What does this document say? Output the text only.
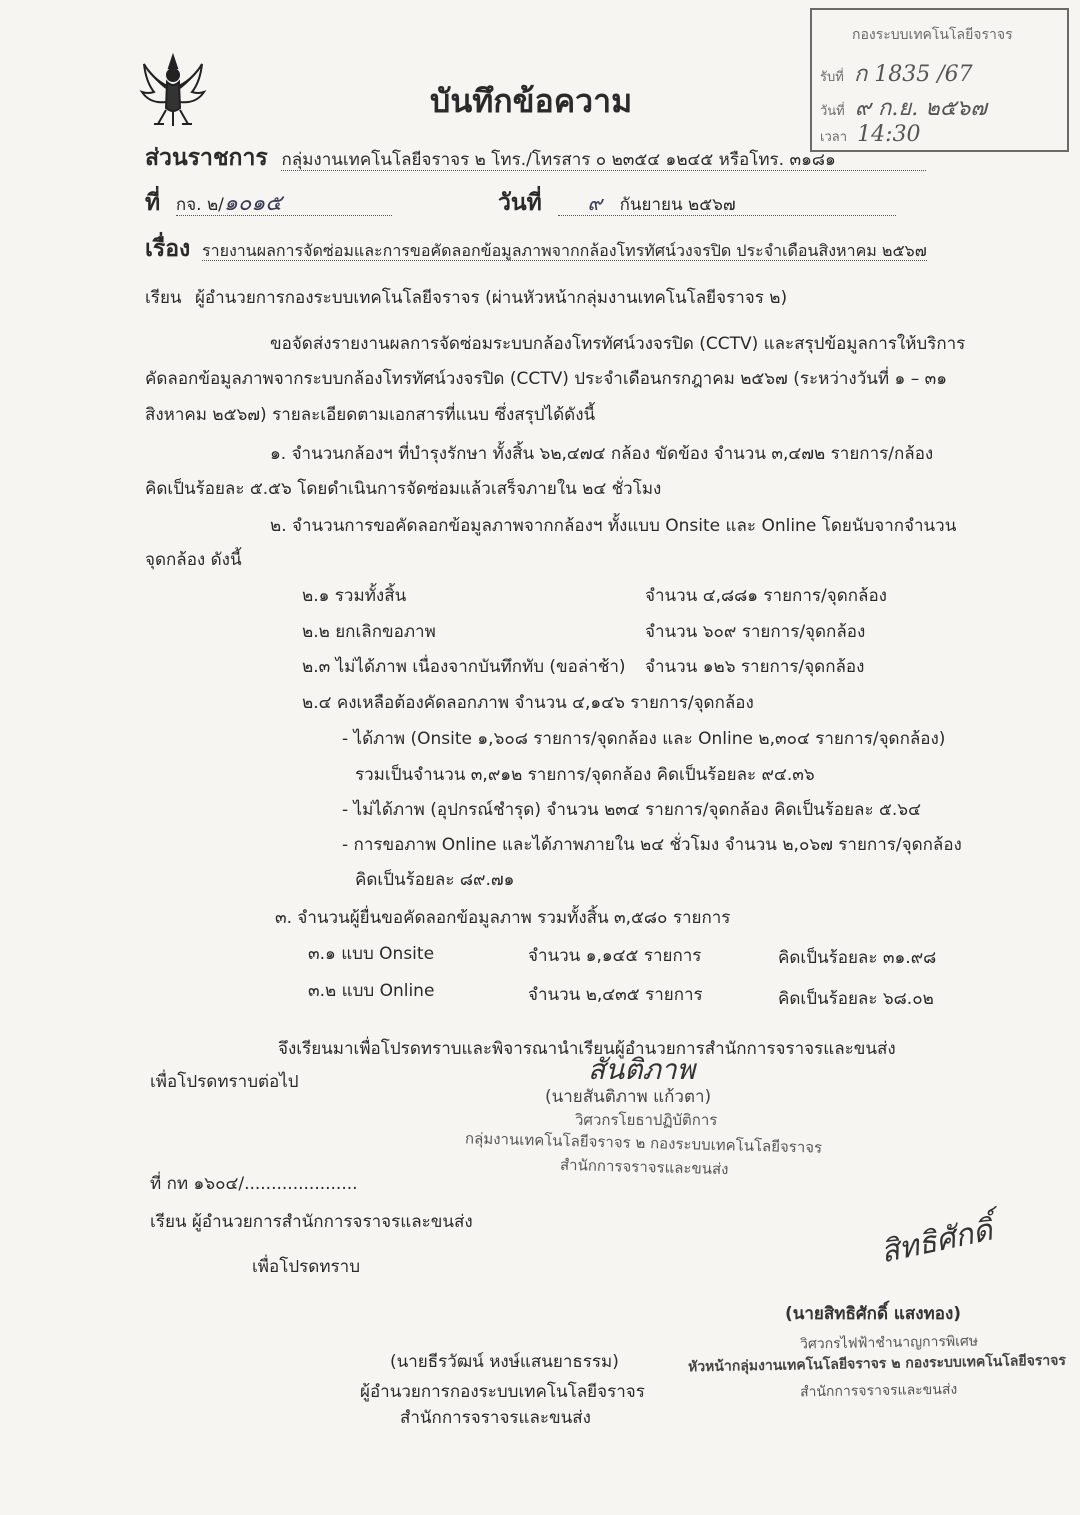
กองระบบเทคโนโลยีจราจร
รับที่ ก 1835 /67
วันที่ ๙ ก.ย. ๒๕๖๗
เวลา 14:30
บันทึกข้อความ
ส่วนราชการ กลุ่มงานเทคโนโลยีจราจร ๒ โทร./โทรสาร ๐ ๒๓๕๔ ๑๒๔๕ หรือโทร. ๓๑๘๑
ที่ กจ. ๒/๑๐๑๕	วันที่ ๙ กันยายน ๒๕๖๗
เรื่อง รายงานผลการจัดซ่อมและการขอคัดลอกข้อมูลภาพจากกล้องโทรทัศน์วงจรปิด ประจำเดือนสิงหาคม ๒๕๖๗
เรียน ผู้อำนวยการกองระบบเทคโนโลยีจราจร (ผ่านหัวหน้ากลุ่มงานเทคโนโลยีจราจร ๒)
ขอจัดส่งรายงานผลการจัดซ่อมระบบกล้องโทรทัศน์วงจรปิด (CCTV) และสรุปข้อมูลการให้บริการ
คัดลอกข้อมูลภาพจากระบบกล้องโทรทัศน์วงจรปิด (CCTV) ประจำเดือนกรกฎาคม ๒๕๖๗ (ระหว่างวันที่ ๑ – ๓๑
สิงหาคม ๒๕๖๗) รายละเอียดตามเอกสารที่แนบ ซึ่งสรุปได้ดังนี้
๑. จำนวนกล้องฯ ที่บำรุงรักษา ทั้งสิ้น ๖๒,๔๗๔ กล้อง ขัดข้อง จำนวน ๓,๔๗๒ รายการ/กล้อง
คิดเป็นร้อยละ ๕.๕๖ โดยดำเนินการจัดซ่อมแล้วเสร็จภายใน ๒๔ ชั่วโมง
๒. จำนวนการขอคัดลอกข้อมูลภาพจากกล้องฯ ทั้งแบบ Onsite และ Online โดยนับจากจำนวน
จุดกล้อง ดังนี้
๒.๑ รวมทั้งสิ้น	จำนวน ๔,๘๘๑ รายการ/จุดกล้อง
๒.๒ ยกเลิกขอภาพ	จำนวน ๖๐๙ รายการ/จุดกล้อง
๒.๓ ไม่ได้ภาพ เนื่องจากบันทึกทับ (ขอล่าช้า) จำนวน ๑๒๖ รายการ/จุดกล้อง
๒.๔ คงเหลือต้องคัดลอกภาพ จำนวน ๔,๑๔๖ รายการ/จุดกล้อง
- ได้ภาพ (Onsite ๑,๖๐๘ รายการ/จุดกล้อง และ Online ๒,๓๐๔ รายการ/จุดกล้อง)
รวมเป็นจำนวน ๓,๙๑๒ รายการ/จุดกล้อง คิดเป็นร้อยละ ๙๔.๓๖
- ไม่ได้ภาพ (อุปกรณ์ชำรุด) จำนวน ๒๓๔ รายการ/จุดกล้อง คิดเป็นร้อยละ ๕.๖๔
- การขอภาพ Online และได้ภาพภายใน ๒๔ ชั่วโมง จำนวน ๒,๐๖๗ รายการ/จุดกล้อง
คิดเป็นร้อยละ ๘๙.๗๑
๓. จำนวนผู้ยื่นขอคัดลอกข้อมูลภาพ รวมทั้งสิ้น ๓,๕๘๐ รายการ
๓.๑ แบบ Onsite	จำนวน ๑,๑๔๕ รายการ	คิดเป็นร้อยละ ๓๑.๙๘
๓.๒ แบบ Online	จำนวน ๒,๔๓๕ รายการ	คิดเป็นร้อยละ ๖๘.๐๒
จึงเรียนมาเพื่อโปรดทราบและพิจารณานำเรียนผู้อำนวยการสำนักการจราจรและขนส่ง
สันติภาพ
(นายสันติภาพ แก้วตา)
วิศวกรโยธาปฏิบัติการ
กลุ่มงานเทคโนโลยีจราจร ๒ กองระบบเทคโนโลยีจราจร
สำนักการจราจรและขนส่ง
เพื่อโปรดทราบต่อไป
ที่ กท ๑๖๐๔/.....................
เรียน ผู้อำนวยการสำนักการจราจรและขนส่ง
เพื่อโปรดทราบ	สิทธิศักดิ์
(นายสิทธิศักดิ์ แสงทอง)
วิศวกรไฟฟ้าชำนาญการพิเศษ
หัวหน้ากลุ่มงานเทคโนโลยีจราจร ๒ กองระบบเทคโนโลยีจราจร
สำนักการจราจรและขนส่ง
(นายธีรวัฒน์ หงษ์แสนยาธรรม)
ผู้อำนวยการกองระบบเทคโนโลยีจราจร
สำนักการจราจรและขนส่ง
